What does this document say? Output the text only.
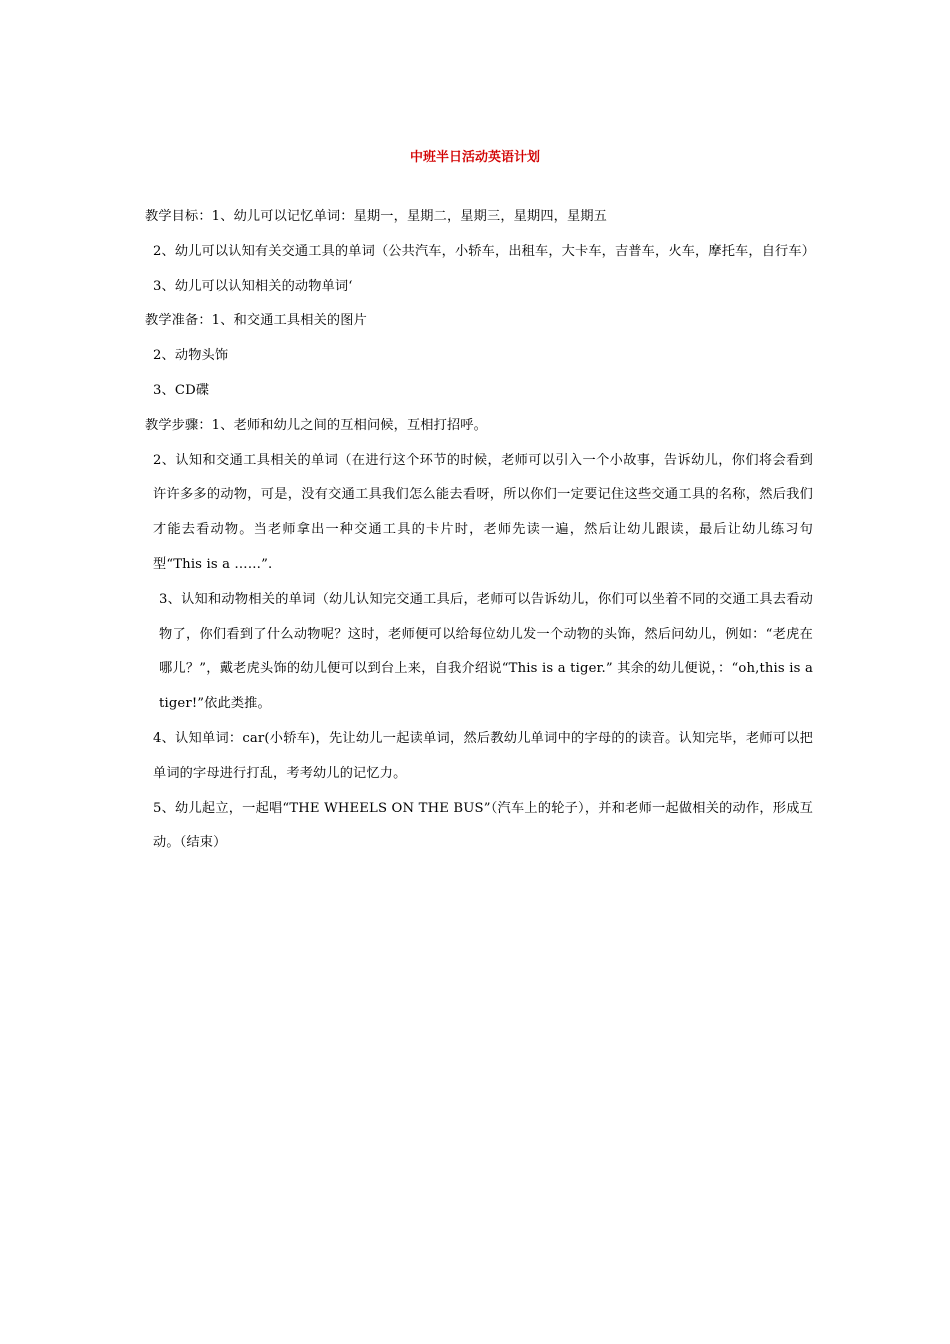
中班半日活动英语计划

教学目标：1、幼儿可以记忆单词：星期一，星期二，星期三，星期四，星期五

2、幼儿可以认知有关交通工具的单词（公共汽车，小轿车，出租车，大卡车，吉普车，火车，摩托车，自行车）

3、幼儿可以认知相关的动物单词‘

教学准备：1、和交通工具相关的图片

2、动物头饰

3、CD碟

教学步骤：1、老师和幼儿之间的互相问候，互相打招呼。

2、认知和交通工具相关的单词（在进行这个环节的时候，老师可以引入一个小故事，告诉幼儿，你们将会看到许许多多的动物，可是，没有交通工具我们怎么能去看呀，所以你们一定要记住这些交通工具的名称，然后我们才能去看动物。当老师拿出一种交通工具的卡片时，老师先读一遍，然后让幼儿跟读，最后让幼儿练习句型“This is a ……”.

3、认知和动物相关的单词（幼儿认知完交通工具后，老师可以告诉幼儿，你们可以坐着不同的交通工具去看动物了，你们看到了什么动物呢？这时，老师便可以给每位幼儿发一个动物的头饰，然后问幼儿，例如：“老虎在哪儿？”，戴老虎头饰的幼儿便可以到台上来，自我介绍说“This is a tiger.” 其余的幼儿便说，：“oh,this is a tiger!”依此类推。

4、认知单词：car(小轿车)，先让幼儿一起读单词，然后教幼儿单词中的字母的的读音。认知完毕，老师可以把单词的字母进行打乱，考考幼儿的记忆力。

5、幼儿起立，一起唱“THE WHEELS ON THE BUS”（汽车上的轮子），并和老师一起做相关的动作，形成互动。（结束）
